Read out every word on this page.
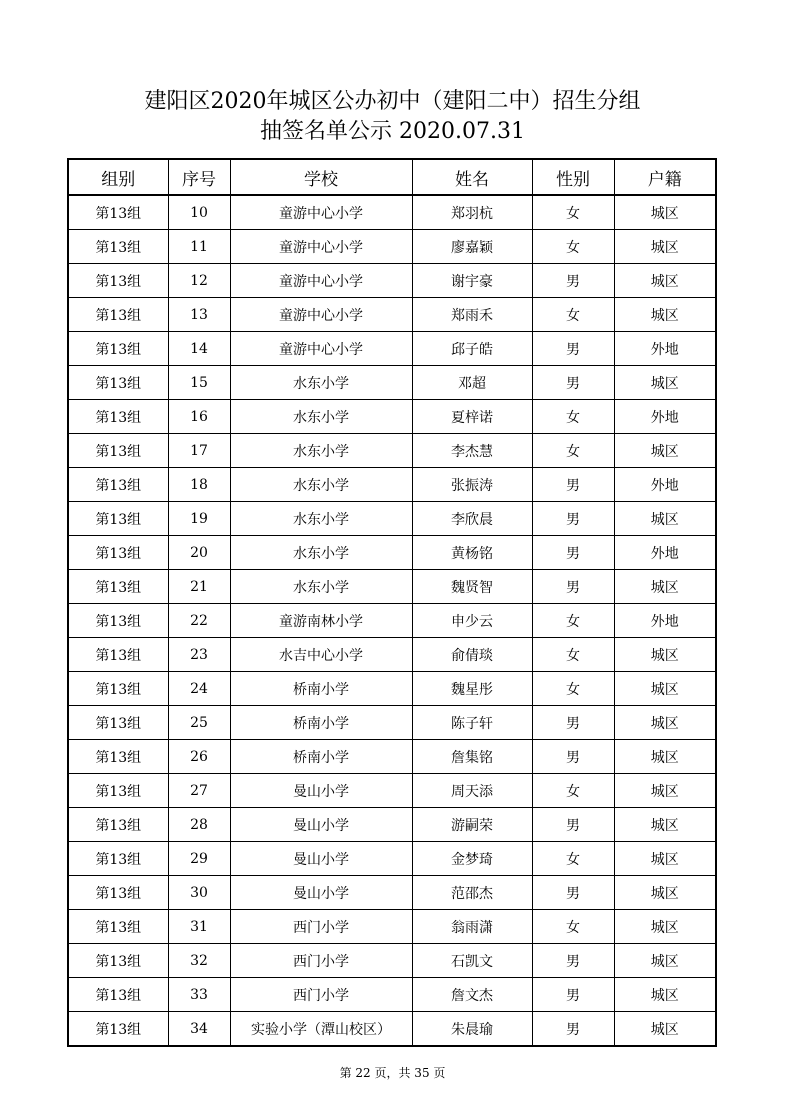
建阳区2020年城区公办初中（建阳二中）招生分组
抽签名单公示 2020.07.31
组别	序号	学校	姓名	性别	户籍
第13组	10	童游中心小学	郑羽杭	女	城区
第13组	11	童游中心小学	廖嘉颖	女	城区
第13组	12	童游中心小学	谢宇豪	男	城区
第13组	13	童游中心小学	郑雨禾	女	城区
第13组	14	童游中心小学	邱子皓	男	外地
第13组	15	水东小学	邓超	男	城区
第13组	16	水东小学	夏梓诺	女	外地
第13组	17	水东小学	李杰慧	女	城区
第13组	18	水东小学	张振涛	男	外地
第13组	19	水东小学	李欣晨	男	城区
第13组	20	水东小学	黄杨铭	男	外地
第13组	21	水东小学	魏贤智	男	城区
第13组	22	童游南林小学	申少云	女	外地
第13组	23	水吉中心小学	俞倩琰	女	城区
第13组	24	桥南小学	魏星彤	女	城区
第13组	25	桥南小学	陈子轩	男	城区
第13组	26	桥南小学	詹集铭	男	城区
第13组	27	曼山小学	周天添	女	城区
第13组	28	曼山小学	游嗣荣	男	城区
第13组	29	曼山小学	金梦琦	女	城区
第13组	30	曼山小学	范邵杰	男	城区
第13组	31	西门小学	翁雨潇	女	城区
第13组	32	西门小学	石凯文	男	城区
第13组	33	西门小学	詹文杰	男	城区
第13组	34	实验小学（潭山校区）	朱晨瑜	男	城区
第 22 页，共 35 页
